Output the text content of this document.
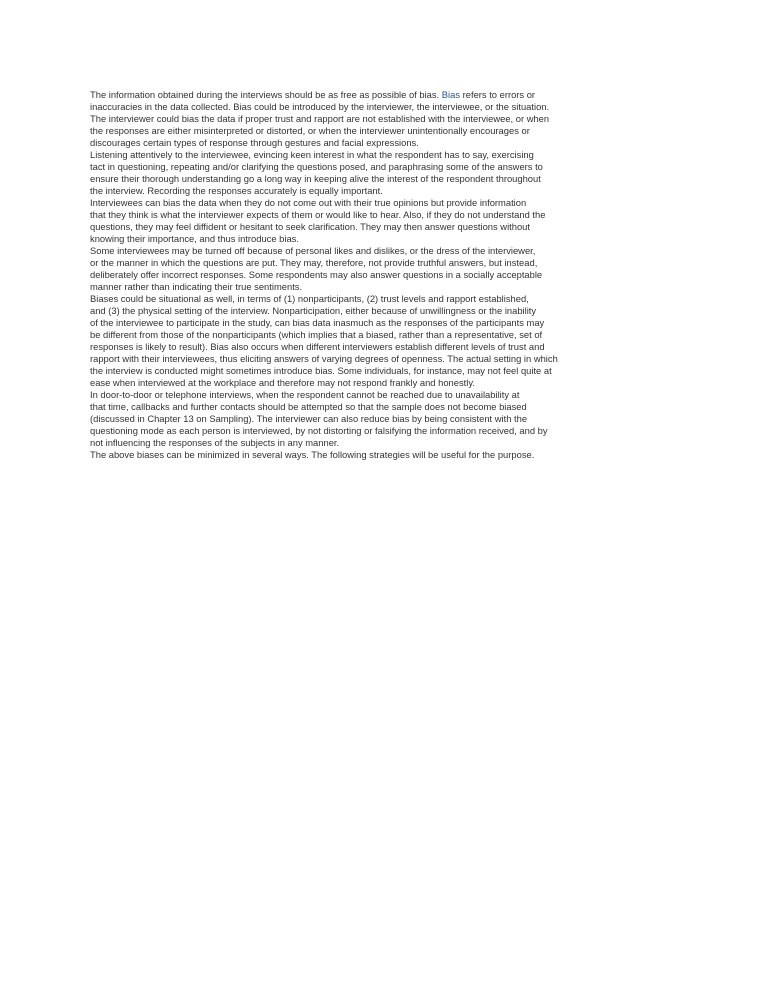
The information obtained during the interviews should be as free as possible of bias. Bias refers to errors or
inaccuracies in the data collected. Bias could be introduced by the interviewer, the interviewee, or the situation.
The interviewer could bias the data if proper trust and rapport are not established with the interviewee, or when
the responses are either misinterpreted or distorted, or when the interviewer unintentionally encourages or
discourages certain types of response through gestures and facial expressions.

Listening attentively to the interviewee, evincing keen interest in what the respondent has to say, exercising
tact in questioning, repeating and/or clarifying the questions posed, and paraphrasing some of the answers to
ensure their thorough understanding go a long way in keeping alive the interest of the respondent throughout
the interview. Recording the responses accurately is equally important.

Interviewees can bias the data when they do not come out with their true opinions but provide information
that they think is what the interviewer expects of them or would like to hear. Also, if they do not understand the
questions, they may feel diffident or hesitant to seek clarification. They may then answer questions without
knowing their importance, and thus introduce bias.

Some interviewees may be turned off because of personal likes and dislikes, or the dress of the interviewer,
or the manner in which the questions are put. They may, therefore, not provide truthful answers, but instead,
deliberately offer incorrect responses. Some respondents may also answer questions in a socially acceptable
manner rather than indicating their true sentiments.

Biases could be situational as well, in terms of (1) nonparticipants, (2) trust levels and rapport established,
and (3) the physical setting of the interview. Nonparticipation, either because of unwillingness or the inability
of the interviewee to participate in the study, can bias data inasmuch as the responses of the participants may
be different from those of the nonparticipants (which implies that a biased, rather than a representative, set of
responses is likely to result). Bias also occurs when different interviewers establish different levels of trust and
rapport with their interviewees, thus eliciting answers of varying degrees of openness. The actual setting in which
the interview is conducted might sometimes introduce bias. Some individuals, for instance, may not feel quite at
ease when interviewed at the workplace and therefore may not respond frankly and honestly.

In door-to-door or telephone interviews, when the respondent cannot be reached due to unavailability at
that time, callbacks and further contacts should be attempted so that the sample does not become biased
(discussed in Chapter 13 on Sampling). The interviewer can also reduce bias by being consistent with the
questioning mode as each person is interviewed, by not distorting or falsifying the information received, and by
not influencing the responses of the subjects in any manner.

The above biases can be minimized in several ways. The following strategies will be useful for the purpose.
